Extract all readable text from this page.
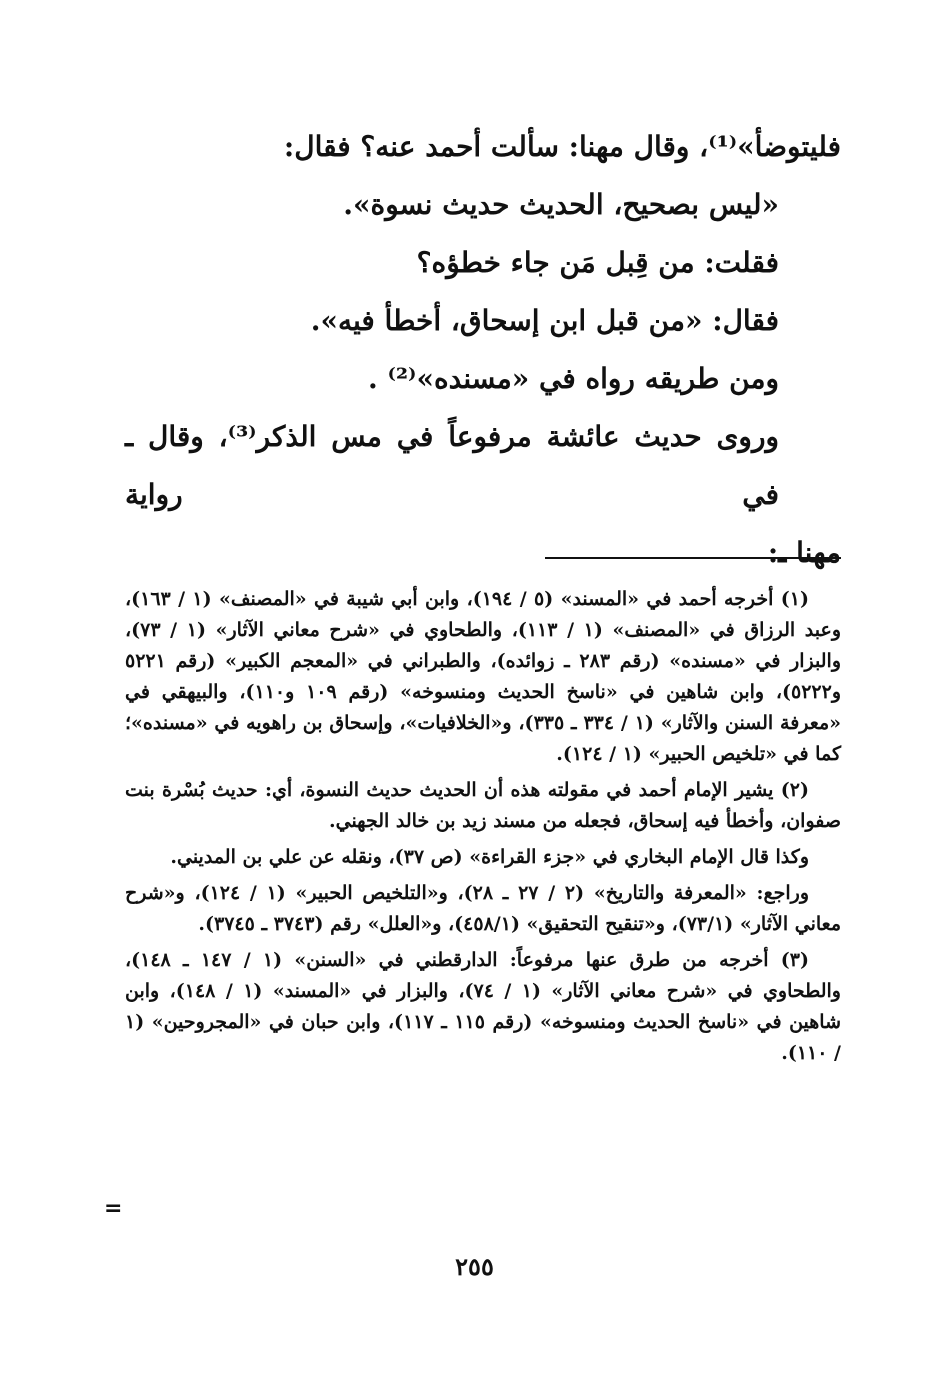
فليتوضأ»⁽¹⁾، وقال مهنا: سألت أحمد عنه؟ فقال:
«ليس بصحيح، الحديث حديث نسوة».
فقلت: من قِبل مَن جاء خطؤه؟
فقال: «من قبل ابن إسحاق، أخطأ فيه».
ومن طريقه رواه في «مسنده»⁽²⁾ .
وروى حديث عائشة مرفوعاً في مس الذكر⁽³⁾، وقال ـ في رواية
مهنا ـ:

(١) أخرجه أحمد في «المسند» (٥ / ١٩٤)، وابن أبي شيبة في «المصنف» (١ / ١٦٣)، وعبد الرزاق في «المصنف» (١ / ١١٣)، والطحاوي في «شرح معاني الآثار» (١ / ٧٣)، والبزار في «مسنده» (رقم ٢٨٣ ـ زوائده)، والطبراني في «المعجم الكبير» (رقم ٥٢٢١ و٥٢٢٢)، وابن شاهين في «ناسخ الحديث ومنسوخه» (رقم ١٠٩ و١١٠)، والبيهقي في «معرفة السنن والآثار» (١ / ٣٣٤ ـ ٣٣٥)، و«الخلافيات»، وإسحاق بن راهويه في «مسنده»؛ كما في «تلخيص الحبير» (١ / ١٢٤).

(٢) يشير الإمام أحمد في مقولته هذه أن الحديث حديث النسوة، أي: حديث بُسْرة بنت صفوان، وأخطأ فيه إسحاق، فجعله من مسند زيد بن خالد الجهني.

وكذا قال الإمام البخاري في «جزء القراءة» (ص ٣٧)، ونقله عن علي بن المديني.

وراجع: «المعرفة والتاريخ» (٢ / ٢٧ ـ ٢٨)، و«التلخيص الحبير» (١ / ١٢٤)، و«شرح معاني الآثار» (٧٣/١)، و«تنقيح التحقيق» (٤٥٨/١)، و«العلل» رقم (٣٧٤٣ ـ ٣٧٤٥).

(٣) أخرجه من طرق عنها مرفوعاً: الدارقطني في «السنن» (١ / ١٤٧ ـ ١٤٨)، والطحاوي في «شرح معاني الآثار» (١ / ٧٤)، والبزار في «المسند» (١ / ١٤٨)، وابن شاهين في «ناسخ الحديث ومنسوخه» (رقم ١١٥ ـ ١١٧)، وابن حبان في «المجروحين» (١ / ١١٠).

=
٢٥٥
